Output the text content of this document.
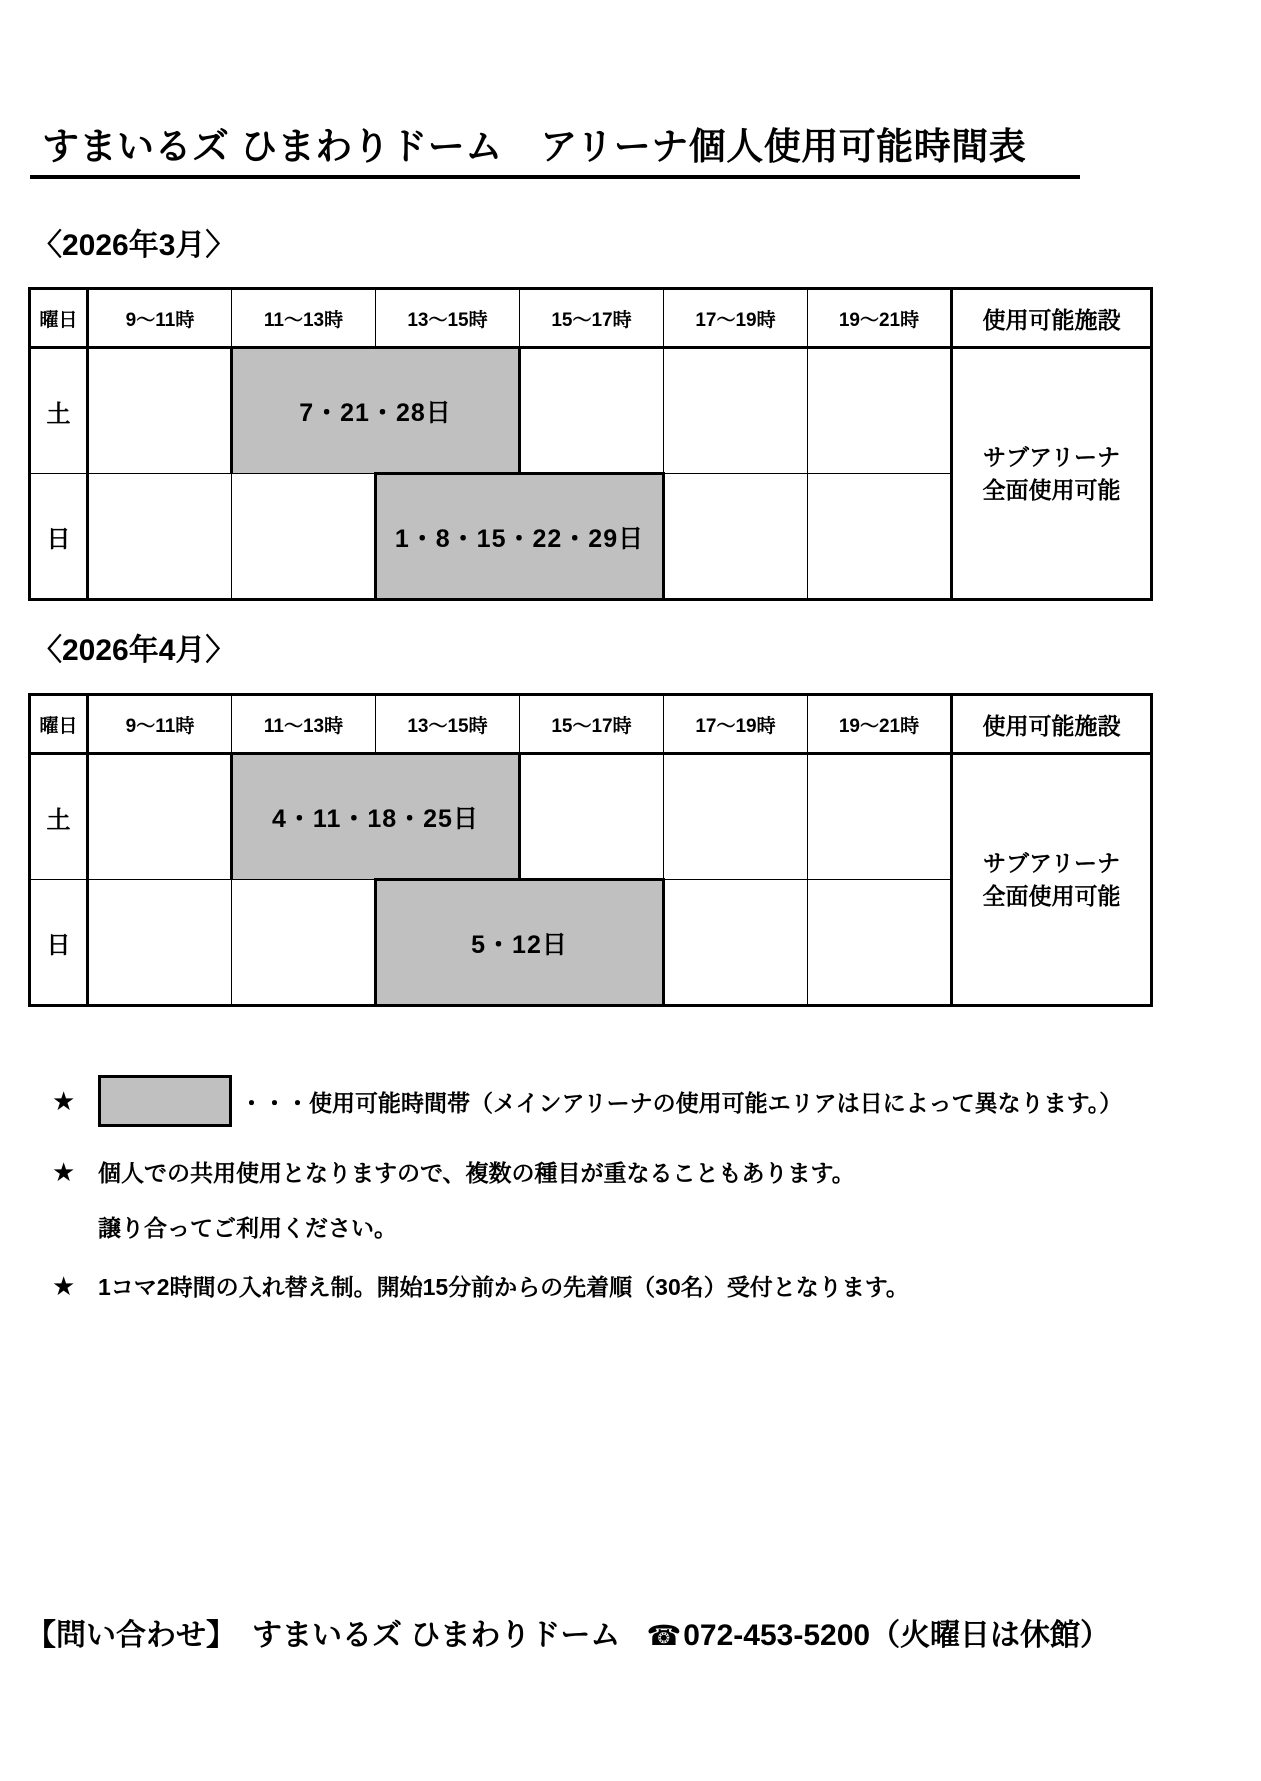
すまいるズ ひまわりドーム　アリーナ個人使用可能時間表
〈2026年3月〉
曜日	9〜11時	11〜13時	13〜15時	15〜17時	17〜19時	19〜21時	使用可能施設
土		7・21・28日					サブアリーナ
全面使用可能
日			1・8・15・22・29日				
〈2026年4月〉
曜日	9〜11時	11〜13時	13〜15時	15〜17時	17〜19時	19〜21時	使用可能施設
土		4・11・18・25日					サブアリーナ
全面使用可能
日			5・12日				
★	・・・使用可能時間帯（メインアリーナの使用可能エリアは日によって異なります。）
★ 個人での共用使用となりますので、複数の種目が重なることもあります。
譲り合ってご利用ください。
★ 1コマ2時間の入れ替え制。開始15分前からの先着順（30名）受付となります。
【問い合わせ】 すまいるズ ひまわりドーム ☎072-453-5200（火曜日は休館）
